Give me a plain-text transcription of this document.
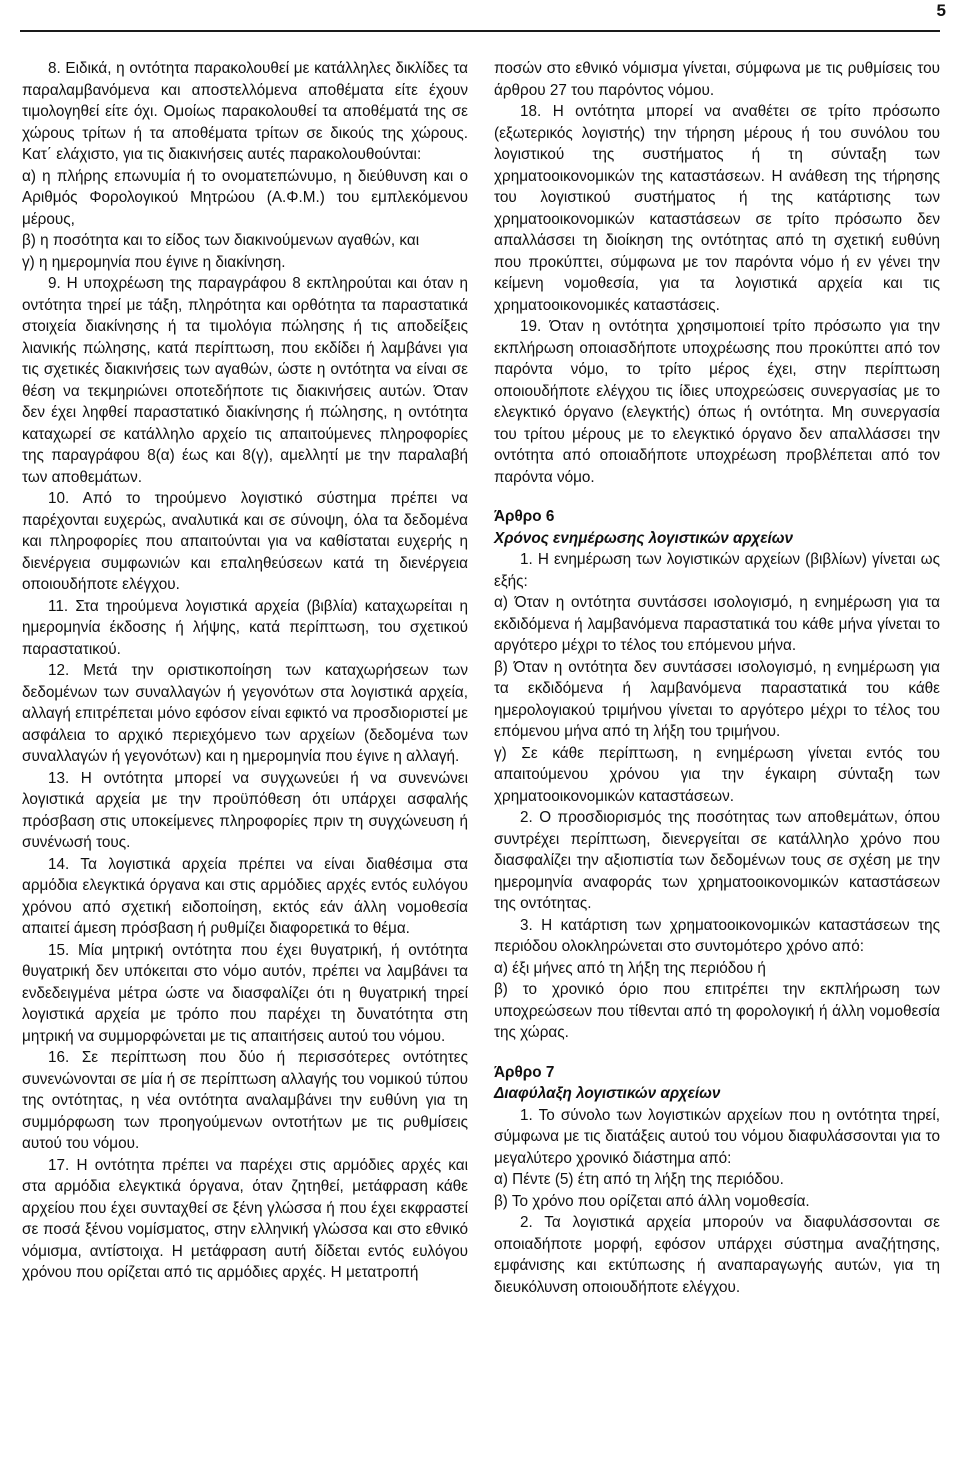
5

8. Ειδικά, η οντότητα παρακολουθεί με κατάλληλες δικλίδες τα παραλαμβανόμενα και αποστελλόμενα αποθέματα είτε έχουν τιμολογηθεί είτε όχι. Ομοίως παρακολουθεί τα αποθέματά της σε χώρους τρίτων ή τα αποθέματα τρίτων σε δικούς της χώρους. Κατ΄ ελάχιστο, για τις διακινήσεις αυτές παρακολουθούνται:

α) η πλήρης επωνυμία ή το ονοματεπώνυμο, η διεύθυνση και ο Αριθμός Φορολογικού Μητρώου (Α.Φ.Μ.) του εμπλεκόμενου μέρους,

β) η ποσότητα και το είδος των διακινούμενων αγαθών, και

γ) η ημερομηνία που έγινε η διακίνηση.

9. Η υποχρέωση της παραγράφου 8 εκπληρούται και όταν η οντότητα τηρεί με τάξη, πληρότητα και ορθότητα τα παραστατικά στοιχεία διακίνησης ή τα τιμολόγια πώλησης ή τις αποδείξεις λιανικής πώλησης, κατά περίπτωση, που εκδίδει ή λαμβάνει για τις σχετικές διακινήσεις των αγαθών, ώστε η οντότητα να είναι σε θέση να τεκμηριώνει οποτεδήποτε τις διακινήσεις αυτών. Όταν δεν έχει ληφθεί παραστατικό διακίνησης ή πώλησης, η οντότητα καταχωρεί σε κατάλληλο αρχείο τις απαιτούμενες πληροφορίες της παραγράφου 8(α) έως και 8(γ), αμελλητί με την παραλαβή των αποθεμάτων.

10. Από το τηρούμενο λογιστικό σύστημα πρέπει να παρέχονται ευχερώς, αναλυτικά και σε σύνοψη, όλα τα δεδομένα και πληροφορίες που απαιτούνται για να καθίσταται ευχερής η διενέργεια συμφωνιών και επαληθεύσεων κατά τη διενέργεια οποιουδήποτε ελέγχου.

11. Στα τηρούμενα λογιστικά αρχεία (βιβλία) καταχωρείται η ημερομηνία έκδοσης ή λήψης, κατά περίπτωση, του σχετικού παραστατικού.

12. Μετά την οριστικοποίηση των καταχωρήσεων των δεδομένων των συναλλαγών ή γεγονότων στα λογιστικά αρχεία, αλλαγή επιτρέπεται μόνο εφόσον είναι εφικτό να προσδιοριστεί με ασφάλεια το αρχικό περιεχόμενο των αρχείων (δεδομένα των συναλλαγών ή γεγονότων) και η ημερομηνία που έγινε η αλλαγή.

13. Η οντότητα μπορεί να συγχωνεύει ή να συνενώνει λογιστικά αρχεία με την προϋπόθεση ότι υπάρχει ασφαλής πρόσβαση στις υποκείμενες πληροφορίες πριν τη συγχώνευση ή συνένωσή τους.

14. Τα λογιστικά αρχεία πρέπει να είναι διαθέσιμα στα αρμόδια ελεγκτικά όργανα και στις αρμόδιες αρχές εντός ευλόγου χρόνου από σχετική ειδοποίηση, εκτός εάν άλλη νομοθεσία απαιτεί άμεση πρόσβαση ή ρυθμίζει διαφορετικά το θέμα.

15. Μία μητρική οντότητα που έχει θυγατρική, ή οντότητα θυγατρική δεν υπόκειται στο νόμο αυτόν, πρέπει να λαμβάνει τα ενδεδειγμένα μέτρα ώστε να διασφαλίζει ότι η θυγατρική τηρεί λογιστικά αρχεία με τρόπο που παρέχει τη δυνατότητα στη μητρική να συμμορφώνεται με τις απαιτήσεις αυτού του νόμου.

16. Σε περίπτωση που δύο ή περισσότερες οντότητες συνενώνονται σε μία ή σε περίπτωση αλλαγής του νομικού τύπου της οντότητας, η νέα οντότητα αναλαμβάνει την ευθύνη για τη συμμόρφωση των προηγούμενων οντοτήτων με τις ρυθμίσεις αυτού του νόμου.

17. Η οντότητα πρέπει να παρέχει στις αρμόδιες αρχές και στα αρμόδια ελεγκτικά όργανα, όταν ζητηθεί, μετάφραση κάθε αρχείου που έχει συνταχθεί σε ξένη γλώσσα ή που έχει εκφραστεί σε ποσά ξένου νομίσματος, στην ελληνική γλώσσα και στο εθνικό νόμισμα, αντίστοιχα. Η μετάφραση αυτή δίδεται εντός ευλόγου χρόνου που ορίζεται από τις αρμόδιες αρχές. Η μετατροπή

ποσών στο εθνικό νόμισμα γίνεται, σύμφωνα με τις ρυθμίσεις του άρθρου 27 του παρόντος νόμου.

18. Η οντότητα μπορεί να αναθέτει σε τρίτο πρόσωπο (εξωτερικός λογιστής) την τήρηση μέρους ή του συνόλου του λογιστικού της συστήματος ή τη σύνταξη των χρηματοοικονομικών της καταστάσεων. Η ανάθεση της τήρησης του λογιστικού συστήματος ή της κατάρτισης των χρηματοοικονομικών καταστάσεων σε τρίτο πρόσωπο δεν απαλλάσσει τη διοίκηση της οντότητας από τη σχετική ευθύνη που προκύπτει, σύμφωνα με τον παρόντα νόμο ή εν γένει την κείμενη νομοθεσία, για τα λογιστικά αρχεία και τις χρηματοοικονομικές καταστάσεις.

19. Όταν η οντότητα χρησιμοποιεί τρίτο πρόσωπο για την εκπλήρωση οποιασδήποτε υποχρέωσης που προκύπτει από τον παρόντα νόμο, το τρίτο μέρος έχει, στην περίπτωση οποιουδήποτε ελέγχου τις ίδιες υποχρεώσεις συνεργασίας με το ελεγκτικό όργανο (ελεγκτής) όπως ή οντότητα. Μη συνεργασία του τρίτου μέρους με το ελεγκτικό όργανο δεν απαλλάσσει την οντότητα από οποιαδήποτε υποχρέωση προβλέπεται από τον παρόντα νόμο.

Άρθρο 6

Χρόνος ενημέρωσης λογιστικών αρχείων

1. Η ενημέρωση των λογιστικών αρχείων (βιβλίων) γίνεται ως εξής:

α) Όταν η οντότητα συντάσσει ισολογισμό, η ενημέρωση για τα εκδιδόμενα ή λαμβανόμενα παραστατικά του κάθε μήνα γίνεται το αργότερο μέχρι το τέλος του επόμενου μήνα.

β) Όταν η οντότητα δεν συντάσσει ισολογισμό, η ενημέρωση για τα εκδιδόμενα ή λαμβανόμενα παραστατικά του κάθε ημερολογιακού τριμήνου γίνεται το αργότερο μέχρι το τέλος του επόμενου μήνα από τη λήξη του τριμήνου.

γ) Σε κάθε περίπτωση, η ενημέρωση γίνεται εντός του απαιτούμενου χρόνου για την έγκαιρη σύνταξη των χρηματοοικονομικών καταστάσεων.

2. Ο προσδιορισμός της ποσότητας των αποθεμάτων, όπου συντρέχει περίπτωση, διενεργείται σε κατάλληλο χρόνο που διασφαλίζει την αξιοπιστία των δεδομένων τους σε σχέση με την ημερομηνία αναφοράς των χρηματοοικονομικών καταστάσεων της οντότητας.

3. Η κατάρτιση των χρηματοοικονομικών καταστάσεων της περιόδου ολοκληρώνεται στο συντομότερο χρόνο από:

α) έξι μήνες από τη λήξη της περιόδου ή

β) το χρονικό όριο που επιτρέπει την εκπλήρωση των υποχρεώσεων που τίθενται από τη φορολογική ή άλλη νομοθεσία της χώρας.

Άρθρο 7

Διαφύλαξη λογιστικών αρχείων

1. Το σύνολο των λογιστικών αρχείων που η οντότητα τηρεί, σύμφωνα με τις διατάξεις αυτού του νόμου διαφυλάσσονται για το μεγαλύτερο χρονικό διάστημα από:

α) Πέντε (5) έτη από τη λήξη της περιόδου.

β) Το χρόνο που ορίζεται από άλλη νομοθεσία.

2. Τα λογιστικά αρχεία μπορούν να διαφυλάσσονται σε οποιαδήποτε μορφή, εφόσον υπάρχει σύστημα αναζήτησης, εμφάνισης και εκτύπωσης ή αναπαραγωγής αυτών, για τη διευκόλυνση οποιουδήποτε ελέγχου.
